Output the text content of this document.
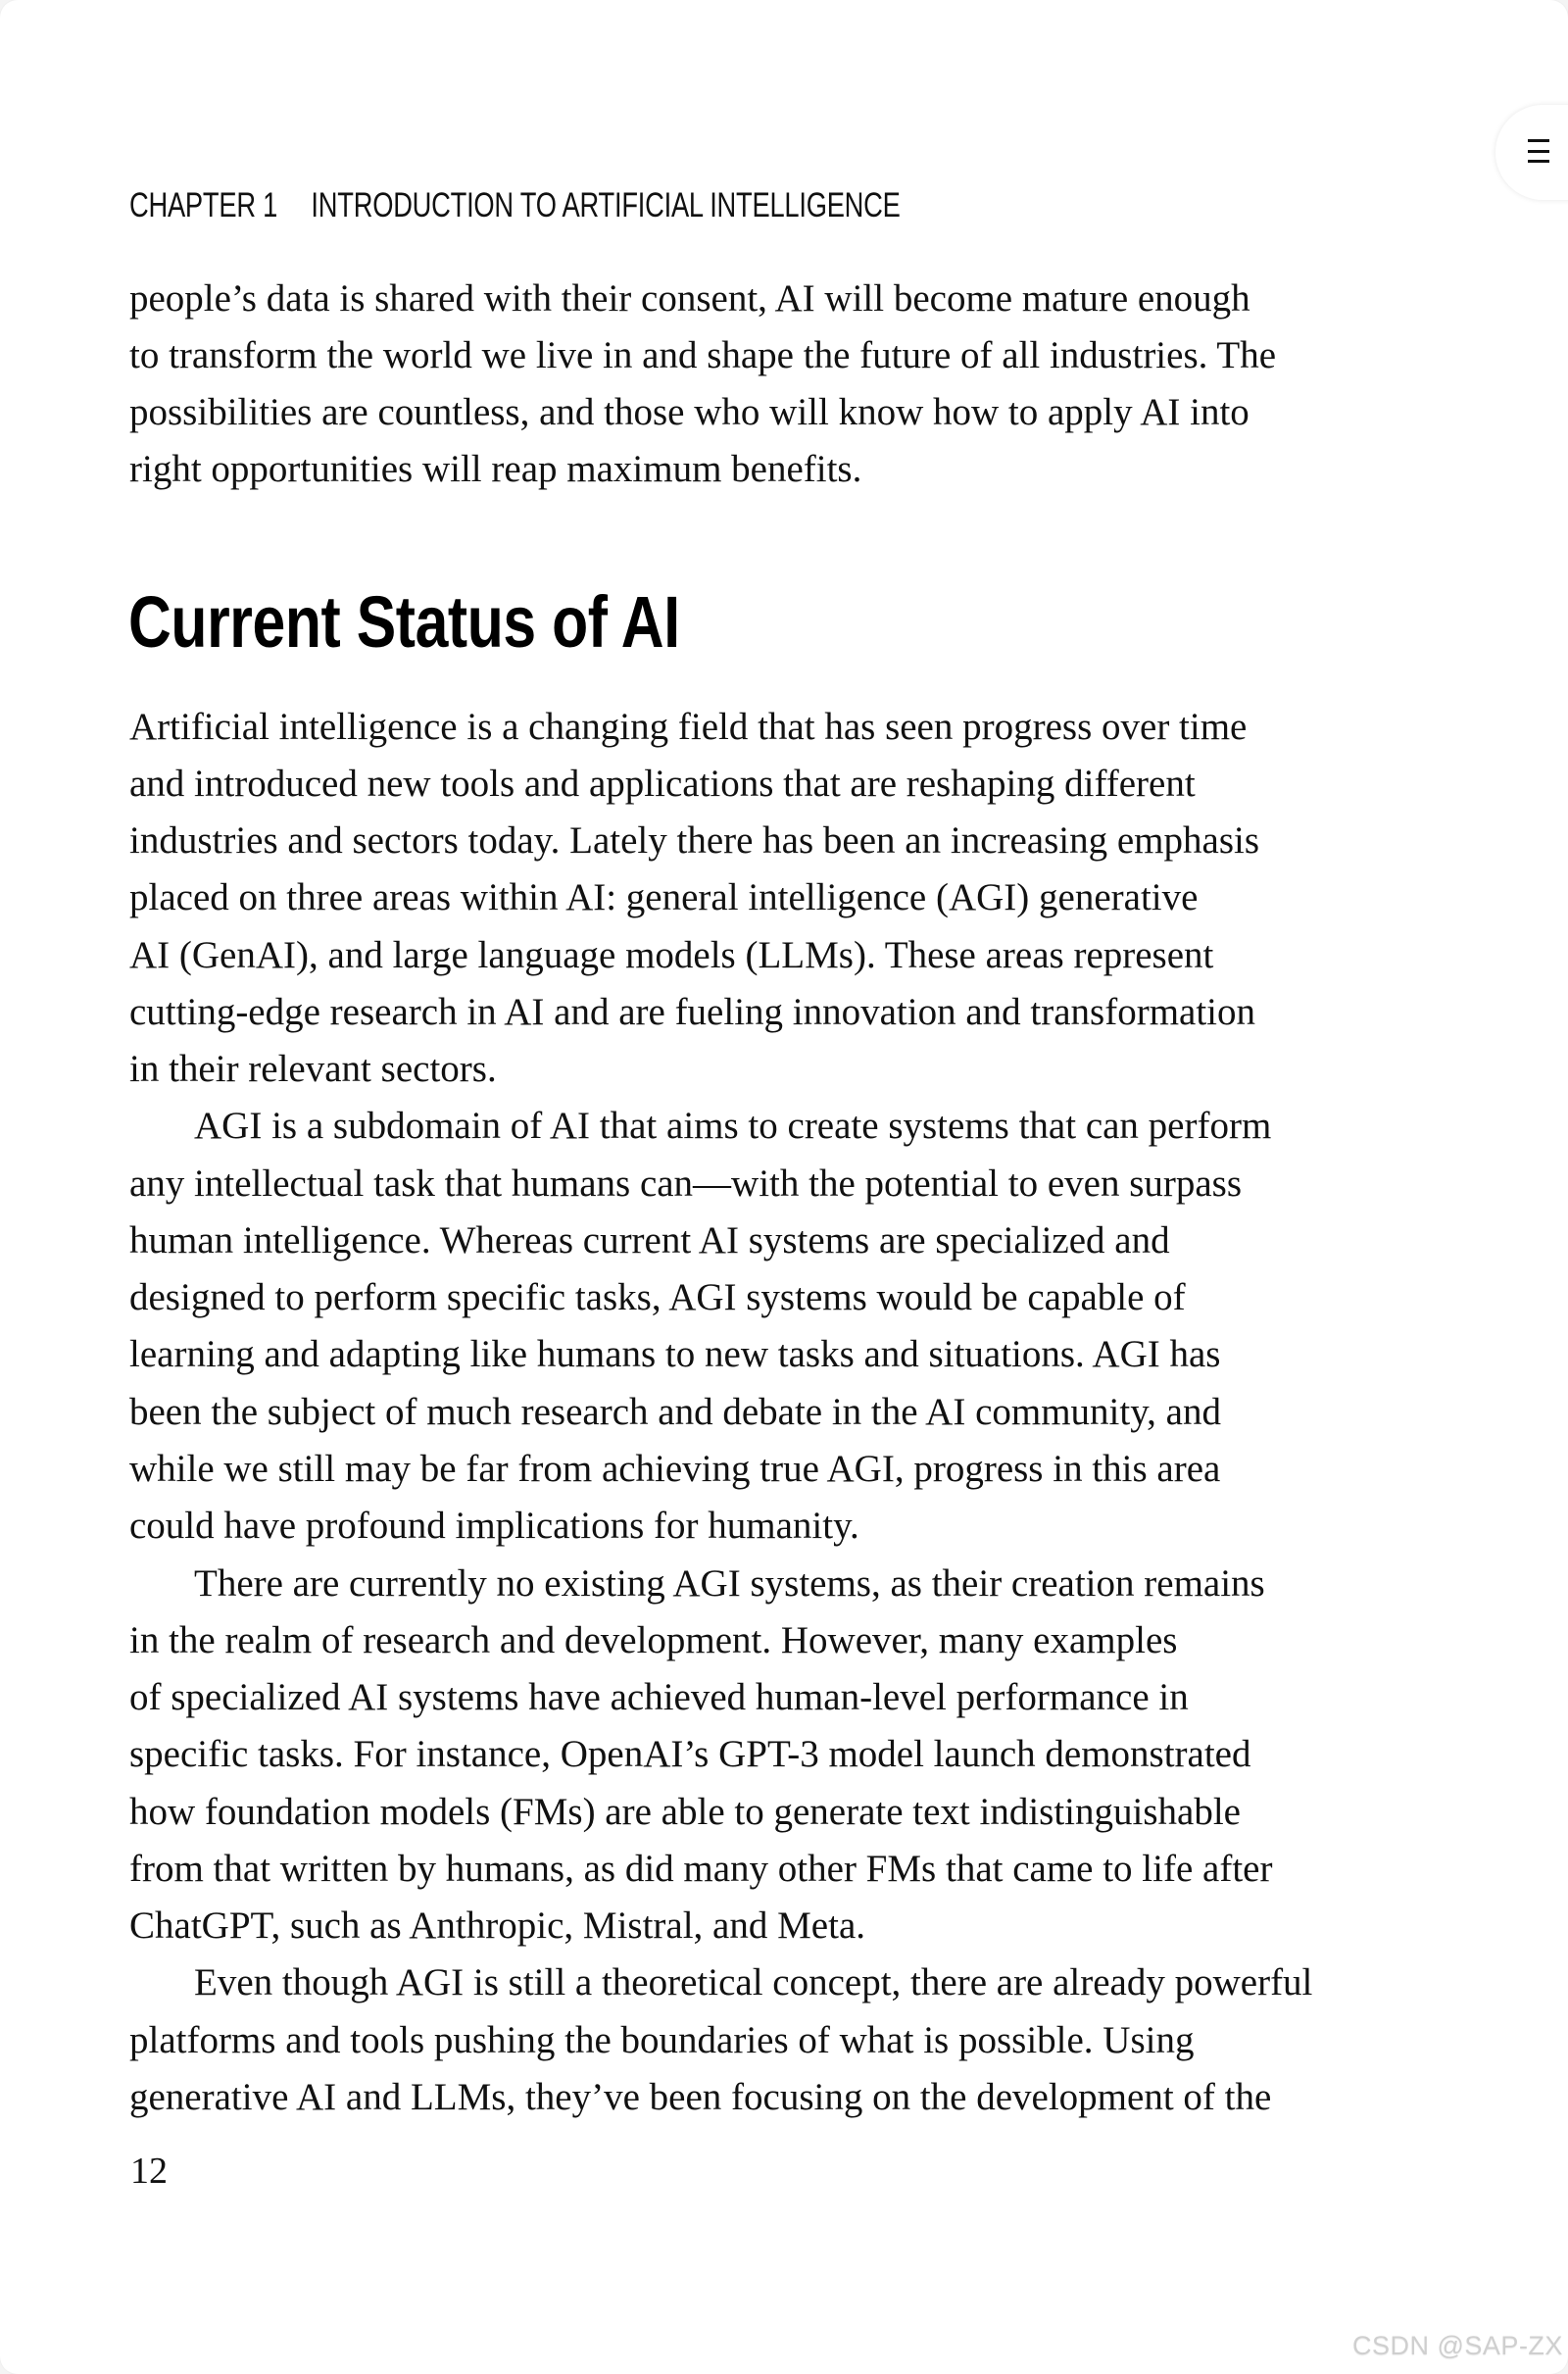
CHAPTER 1 INTRODUCTION TO ARTIFICIAL INTELLIGENCE
people’s data is shared with their consent, AI will become mature enough
to transform the world we live in and shape the future of all industries. The
possibilities are countless, and those who will know how to apply AI into
right opportunities will reap maximum benefits.
Current Status of AI
Artificial intelligence is a changing field that has seen progress over time
and introduced new tools and applications that are reshaping different
industries and sectors today. Lately there has been an increasing emphasis
placed on three areas within AI: general intelligence (AGI) generative
AI (GenAI), and large language models (LLMs). These areas represent
cutting-edge research in AI and are fueling innovation and transformation
in their relevant sectors.
AGI is a subdomain of AI that aims to create systems that can perform
any intellectual task that humans can—with the potential to even surpass
human intelligence. Whereas current AI systems are specialized and
designed to perform specific tasks, AGI systems would be capable of
learning and adapting like humans to new tasks and situations. AGI has
been the subject of much research and debate in the AI community, and
while we still may be far from achieving true AGI, progress in this area
could have profound implications for humanity.
There are currently no existing AGI systems, as their creation remains
in the realm of research and development. However, many examples
of specialized AI systems have achieved human-level performance in
specific tasks. For instance, OpenAI’s GPT-3 model launch demonstrated
how foundation models (FMs) are able to generate text indistinguishable
from that written by humans, as did many other FMs that came to life after
ChatGPT, such as Anthropic, Mistral, and Meta.
Even though AGI is still a theoretical concept, there are already powerful
platforms and tools pushing the boundaries of what is possible. Using
generative AI and LLMs, they’ve been focusing on the development of the
12
CSDN @SAP-ZX
